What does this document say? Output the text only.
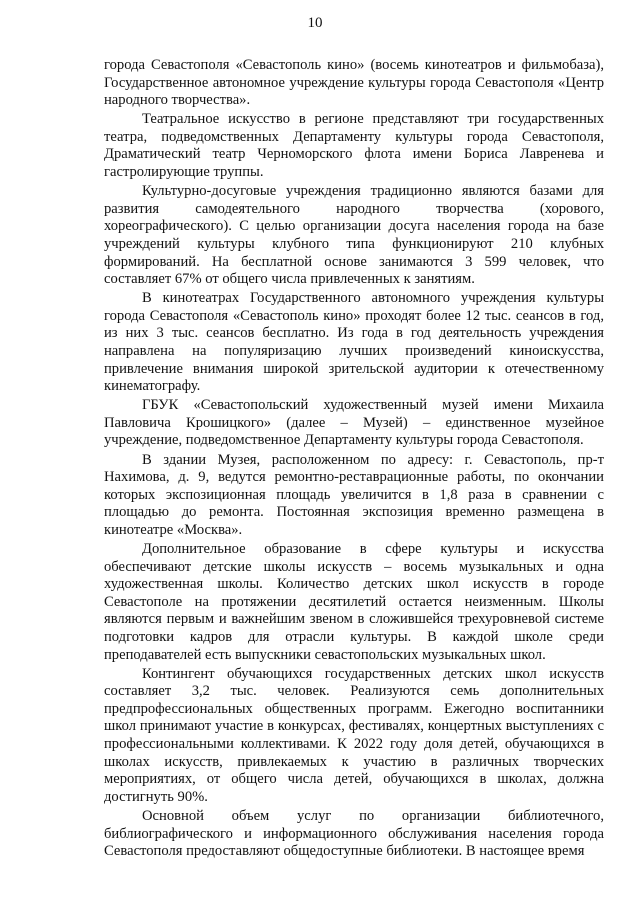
10

города Севастополя «Севастополь кино» (восемь кинотеатров и фильмобаза), Государственное автономное учреждение культуры города Севастополя «Центр народного творчества».

Театральное искусство в регионе представляют три государственных театра, подведомственных Департаменту культуры города Севастополя, Драматический театр Черноморского флота имени Бориса Лавренева и гастролирующие труппы.

Культурно-досуговые учреждения традиционно являются базами для развития самодеятельного народного творчества (хорового, хореографического). С целью организации досуга населения города на базе учреждений культуры клубного типа функционируют 210 клубных формирований. На бесплатной основе занимаются 3 599 человек, что составляет 67% от общего числа привлеченных к занятиям.

В кинотеатрах Государственного автономного учреждения культуры города Севастополя «Севастополь кино» проходят более 12 тыс. сеансов в год, из них 3 тыс. сеансов бесплатно. Из года в год деятельность учреждения направлена на популяризацию лучших произведений киноискусства, привлечение внимания широкой зрительской аудитории к отечественному кинематографу.

ГБУК «Севастопольский художественный музей имени Михаила Павловича Крошицкого» (далее – Музей) – единственное музейное учреждение, подведомственное Департаменту культуры города Севастополя.

В здании Музея, расположенном по адресу: г. Севастополь, пр-т Нахимова, д. 9, ведутся ремонтно-реставрационные работы, по окончании которых экспозиционная площадь увеличится в 1,8 раза в сравнении с площадью до ремонта. Постоянная экспозиция временно размещена в кинотеатре «Москва».

Дополнительное образование в сфере культуры и искусства обеспечивают детские школы искусств – восемь музыкальных и одна художественная школы. Количество детских школ искусств в городе Севастополе на протяжении десятилетий остается неизменным. Школы являются первым и важнейшим звеном в сложившейся трехуровневой системе подготовки кадров для отрасли культуры. В каждой школе среди преподавателей есть выпускники севастопольских музыкальных школ.

Контингент обучающихся государственных детских школ искусств составляет 3,2 тыс. человек. Реализуются семь дополнительных предпрофессиональных общественных программ. Ежегодно воспитанники школ принимают участие в конкурсах, фестивалях, концертных выступлениях с профессиональными коллективами. К 2022 году доля детей, обучающихся в школах искусств, привлекаемых к участию в различных творческих мероприятиях, от общего числа детей, обучающихся в школах, должна достигнуть 90%.

Основной объем услуг по организации библиотечного, библиографического и информационного обслуживания населения города Севастополя предоставляют общедоступные библиотеки. В настоящее время
